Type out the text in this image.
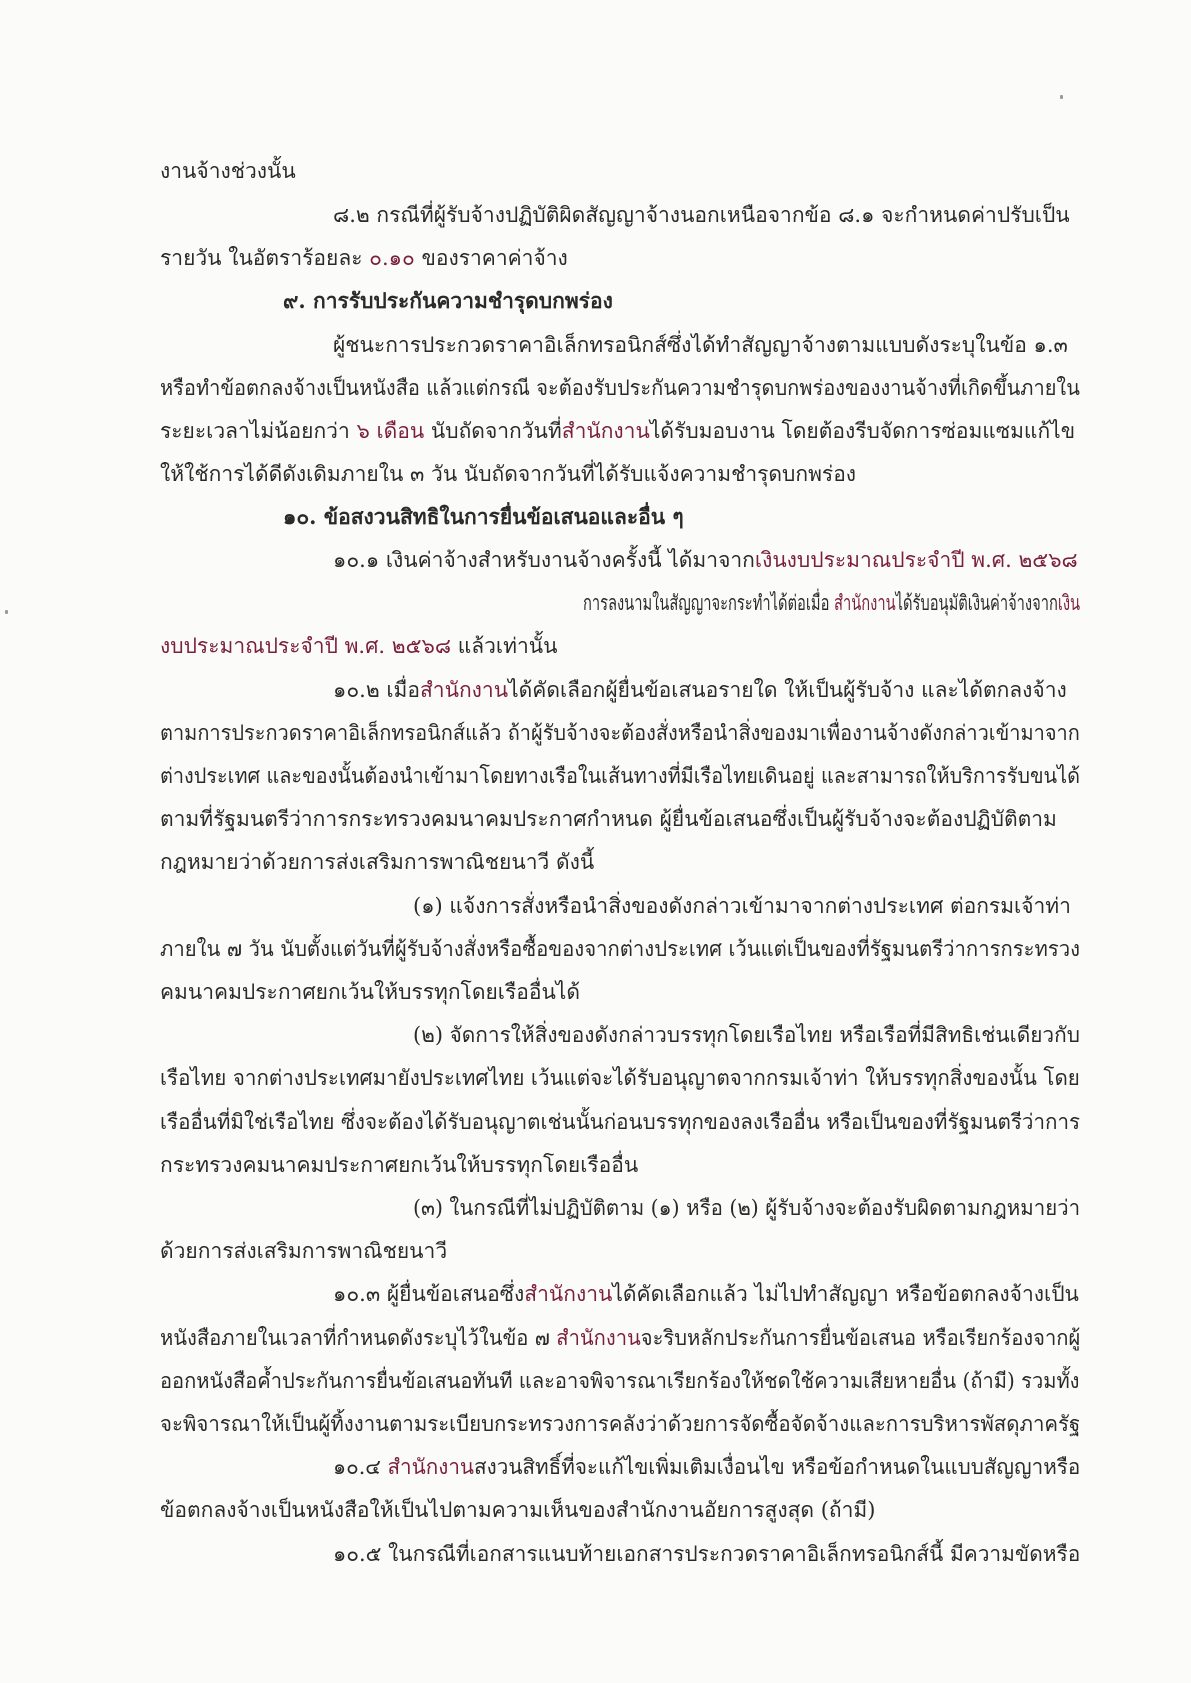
งานจ้างช่วงนั้น
๘.๒ กรณีที่ผู้รับจ้างปฏิบัติผิดสัญญาจ้างนอกเหนือจากข้อ ๘.๑ จะกำหนดค่าปรับเป็น
รายวัน ในอัตราร้อยละ ๐.๑๐ ของราคาค่าจ้าง
๙. การรับประกันความชำรุดบกพร่อง
ผู้ชนะการประกวดราคาอิเล็กทรอนิกส์ซึ่งได้ทำสัญญาจ้างตามแบบดังระบุในข้อ ๑.๓
หรือทำข้อตกลงจ้างเป็นหนังสือ แล้วแต่กรณี จะต้องรับประกันความชำรุดบกพร่องของงานจ้างที่เกิดขึ้นภายใน
ระยะเวลาไม่น้อยกว่า ๖ เดือน นับถัดจากวันที่สำนักงานได้รับมอบงาน โดยต้องรีบจัดการซ่อมแซมแก้ไข
ให้ใช้การได้ดีดังเดิมภายใน ๓ วัน นับถัดจากวันที่ได้รับแจ้งความชำรุดบกพร่อง
๑๐. ข้อสงวนสิทธิในการยื่นข้อเสนอและอื่น ๆ
๑๐.๑ เงินค่าจ้างสำหรับงานจ้างครั้งนี้ ได้มาจากเงินงบประมาณประจำปี พ.ศ. ๒๕๖๘
การลงนามในสัญญาจะกระทำได้ต่อเมื่อ สำนักงานได้รับอนุมัติเงินค่าจ้างจากเงิน
งบประมาณประจำปี พ.ศ. ๒๕๖๘ แล้วเท่านั้น
๑๐.๒ เมื่อสำนักงานได้คัดเลือกผู้ยื่นข้อเสนอรายใด ให้เป็นผู้รับจ้าง และได้ตกลงจ้าง
ตามการประกวดราคาอิเล็กทรอนิกส์แล้ว ถ้าผู้รับจ้างจะต้องสั่งหรือนำสิ่งของมาเพื่องานจ้างดังกล่าวเข้ามาจาก
ต่างประเทศ และของนั้นต้องนำเข้ามาโดยทางเรือในเส้นทางที่มีเรือไทยเดินอยู่ และสามารถให้บริการรับขนได้
ตามที่รัฐมนตรีว่าการกระทรวงคมนาคมประกาศกำหนด ผู้ยื่นข้อเสนอซึ่งเป็นผู้รับจ้างจะต้องปฏิบัติตาม
กฎหมายว่าด้วยการส่งเสริมการพาณิชยนาวี ดังนี้
(๑) แจ้งการสั่งหรือนำสิ่งของดังกล่าวเข้ามาจากต่างประเทศ ต่อกรมเจ้าท่า
ภายใน ๗ วัน นับตั้งแต่วันที่ผู้รับจ้างสั่งหรือซื้อของจากต่างประเทศ เว้นแต่เป็นของที่รัฐมนตรีว่าการกระทรวง
คมนาคมประกาศยกเว้นให้บรรทุกโดยเรืออื่นได้
(๒) จัดการให้สิ่งของดังกล่าวบรรทุกโดยเรือไทย หรือเรือที่มีสิทธิเช่นเดียวกับ
เรือไทย จากต่างประเทศมายังประเทศไทย เว้นแต่จะได้รับอนุญาตจากกรมเจ้าท่า ให้บรรทุกสิ่งของนั้น โดย
เรืออื่นที่มิใช่เรือไทย ซึ่งจะต้องได้รับอนุญาตเช่นนั้นก่อนบรรทุกของลงเรืออื่น หรือเป็นของที่รัฐมนตรีว่าการ
กระทรวงคมนาคมประกาศยกเว้นให้บรรทุกโดยเรืออื่น
(๓) ในกรณีที่ไม่ปฏิบัติตาม (๑) หรือ (๒) ผู้รับจ้างจะต้องรับผิดตามกฎหมายว่า
ด้วยการส่งเสริมการพาณิชยนาวี
๑๐.๓ ผู้ยื่นข้อเสนอซึ่งสำนักงานได้คัดเลือกแล้ว ไม่ไปทำสัญญา หรือข้อตกลงจ้างเป็น
หนังสือภายในเวลาที่กำหนดดังระบุไว้ในข้อ ๗ สำนักงานจะริบหลักประกันการยื่นข้อเสนอ หรือเรียกร้องจากผู้
ออกหนังสือค้ำประกันการยื่นข้อเสนอทันที และอาจพิจารณาเรียกร้องให้ชดใช้ความเสียหายอื่น (ถ้ามี) รวมทั้ง
จะพิจารณาให้เป็นผู้ทิ้งงานตามระเบียบกระทรวงการคลังว่าด้วยการจัดซื้อจัดจ้างและการบริหารพัสดุภาครัฐ
๑๐.๔ สำนักงานสงวนสิทธิ์ที่จะแก้ไขเพิ่มเติมเงื่อนไข หรือข้อกำหนดในแบบสัญญาหรือ
ข้อตกลงจ้างเป็นหนังสือให้เป็นไปตามความเห็นของสำนักงานอัยการสูงสุด (ถ้ามี)
๑๐.๕ ในกรณีที่เอกสารแนบท้ายเอกสารประกวดราคาอิเล็กทรอนิกส์นี้ มีความขัดหรือ
